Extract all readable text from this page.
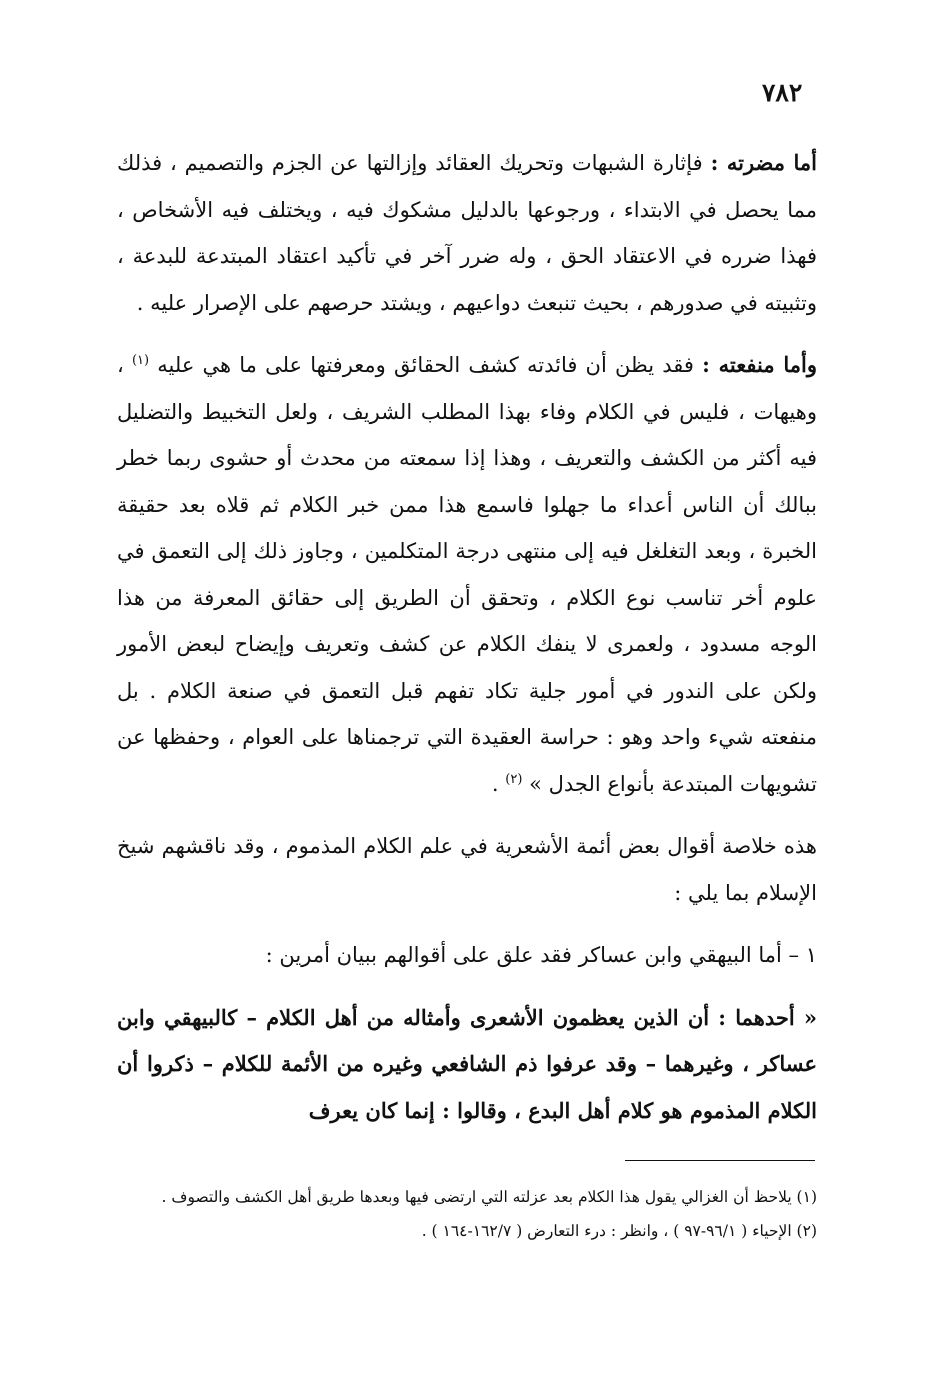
٧٨٢

أما مضرته : فإثارة الشبهات وتحريك العقائد وإزالتها عن الجزم والتصميم ، فذلك مما يحصل في الابتداء ، ورجوعها بالدليل مشكوك فيه ، ويختلف فيه الأشخاص ، فهذا ضرره في الاعتقاد الحق ، وله ضرر آخر في تأكيد اعتقاد المبتدعة للبدعة ، وتثبيته في صدورهم ، بحيث تنبعث دواعيهم ، ويشتد حرصهم على الإصرار عليه .

وأما منفعته : فقد يظن أن فائدته كشف الحقائق ومعرفتها على ما هي عليه $^{(١)}$ ، وهيهات ، فليس في الكلام وفاء بهذا المطلب الشريف ، ولعل التخبيط والتضليل فيه أكثر من الكشف والتعريف ، وهذا إذا سمعته من محدث أو حشوى ربما خطر ببالك أن الناس أعداء ما جهلوا فاسمع هذا ممن خبر الكلام ثم قلاه بعد حقيقة الخبرة ، وبعد التغلغل فيه إلى منتهى درجة المتكلمين ، وجاوز ذلك إلى التعمق في علوم أخر تناسب نوع الكلام ، وتحقق أن الطريق إلى حقائق المعرفة من هذا الوجه مسدود ، ولعمرى لا ينفك الكلام عن كشف وتعريف وإيضاح لبعض الأمور ولكن على الندور في أمور جلية تكاد تفهم قبل التعمق في صنعة الكلام . بل منفعته شيء واحد وهو : حراسة العقيدة التي ترجمناها على العوام ، وحفظها عن تشويهات المبتدعة بأنواع الجدل » $^{(٢)}$ .

هذه خلاصة أقوال بعض أئمة الأشعرية في علم الكلام المذموم ، وقد ناقشهم شيخ الإسلام بما يلي :

١ – أما البيهقي وابن عساكر فقد علق على أقوالهم ببيان أمرين :

« أحدهما : أن الذين يعظمون الأشعرى وأمثاله من أهل الكلام – كالبيهقي وابن عساكر ، وغيرهما – وقد عرفوا ذم الشافعي وغيره من الأئمة للكلام – ذكروا أن الكلام المذموم هو كلام أهل البدع ، وقالوا : إنما كان يعرف

(١) يلاحظ أن الغزالي يقول هذا الكلام بعد عزلته التي ارتضى فيها وبعدها طريق أهل الكشف والتصوف .

(٢) الإحياء ( ٩٦/١-٩٧ ) ، وانظر : درء التعارض ( ١٦٢/٧-١٦٤ ) .
